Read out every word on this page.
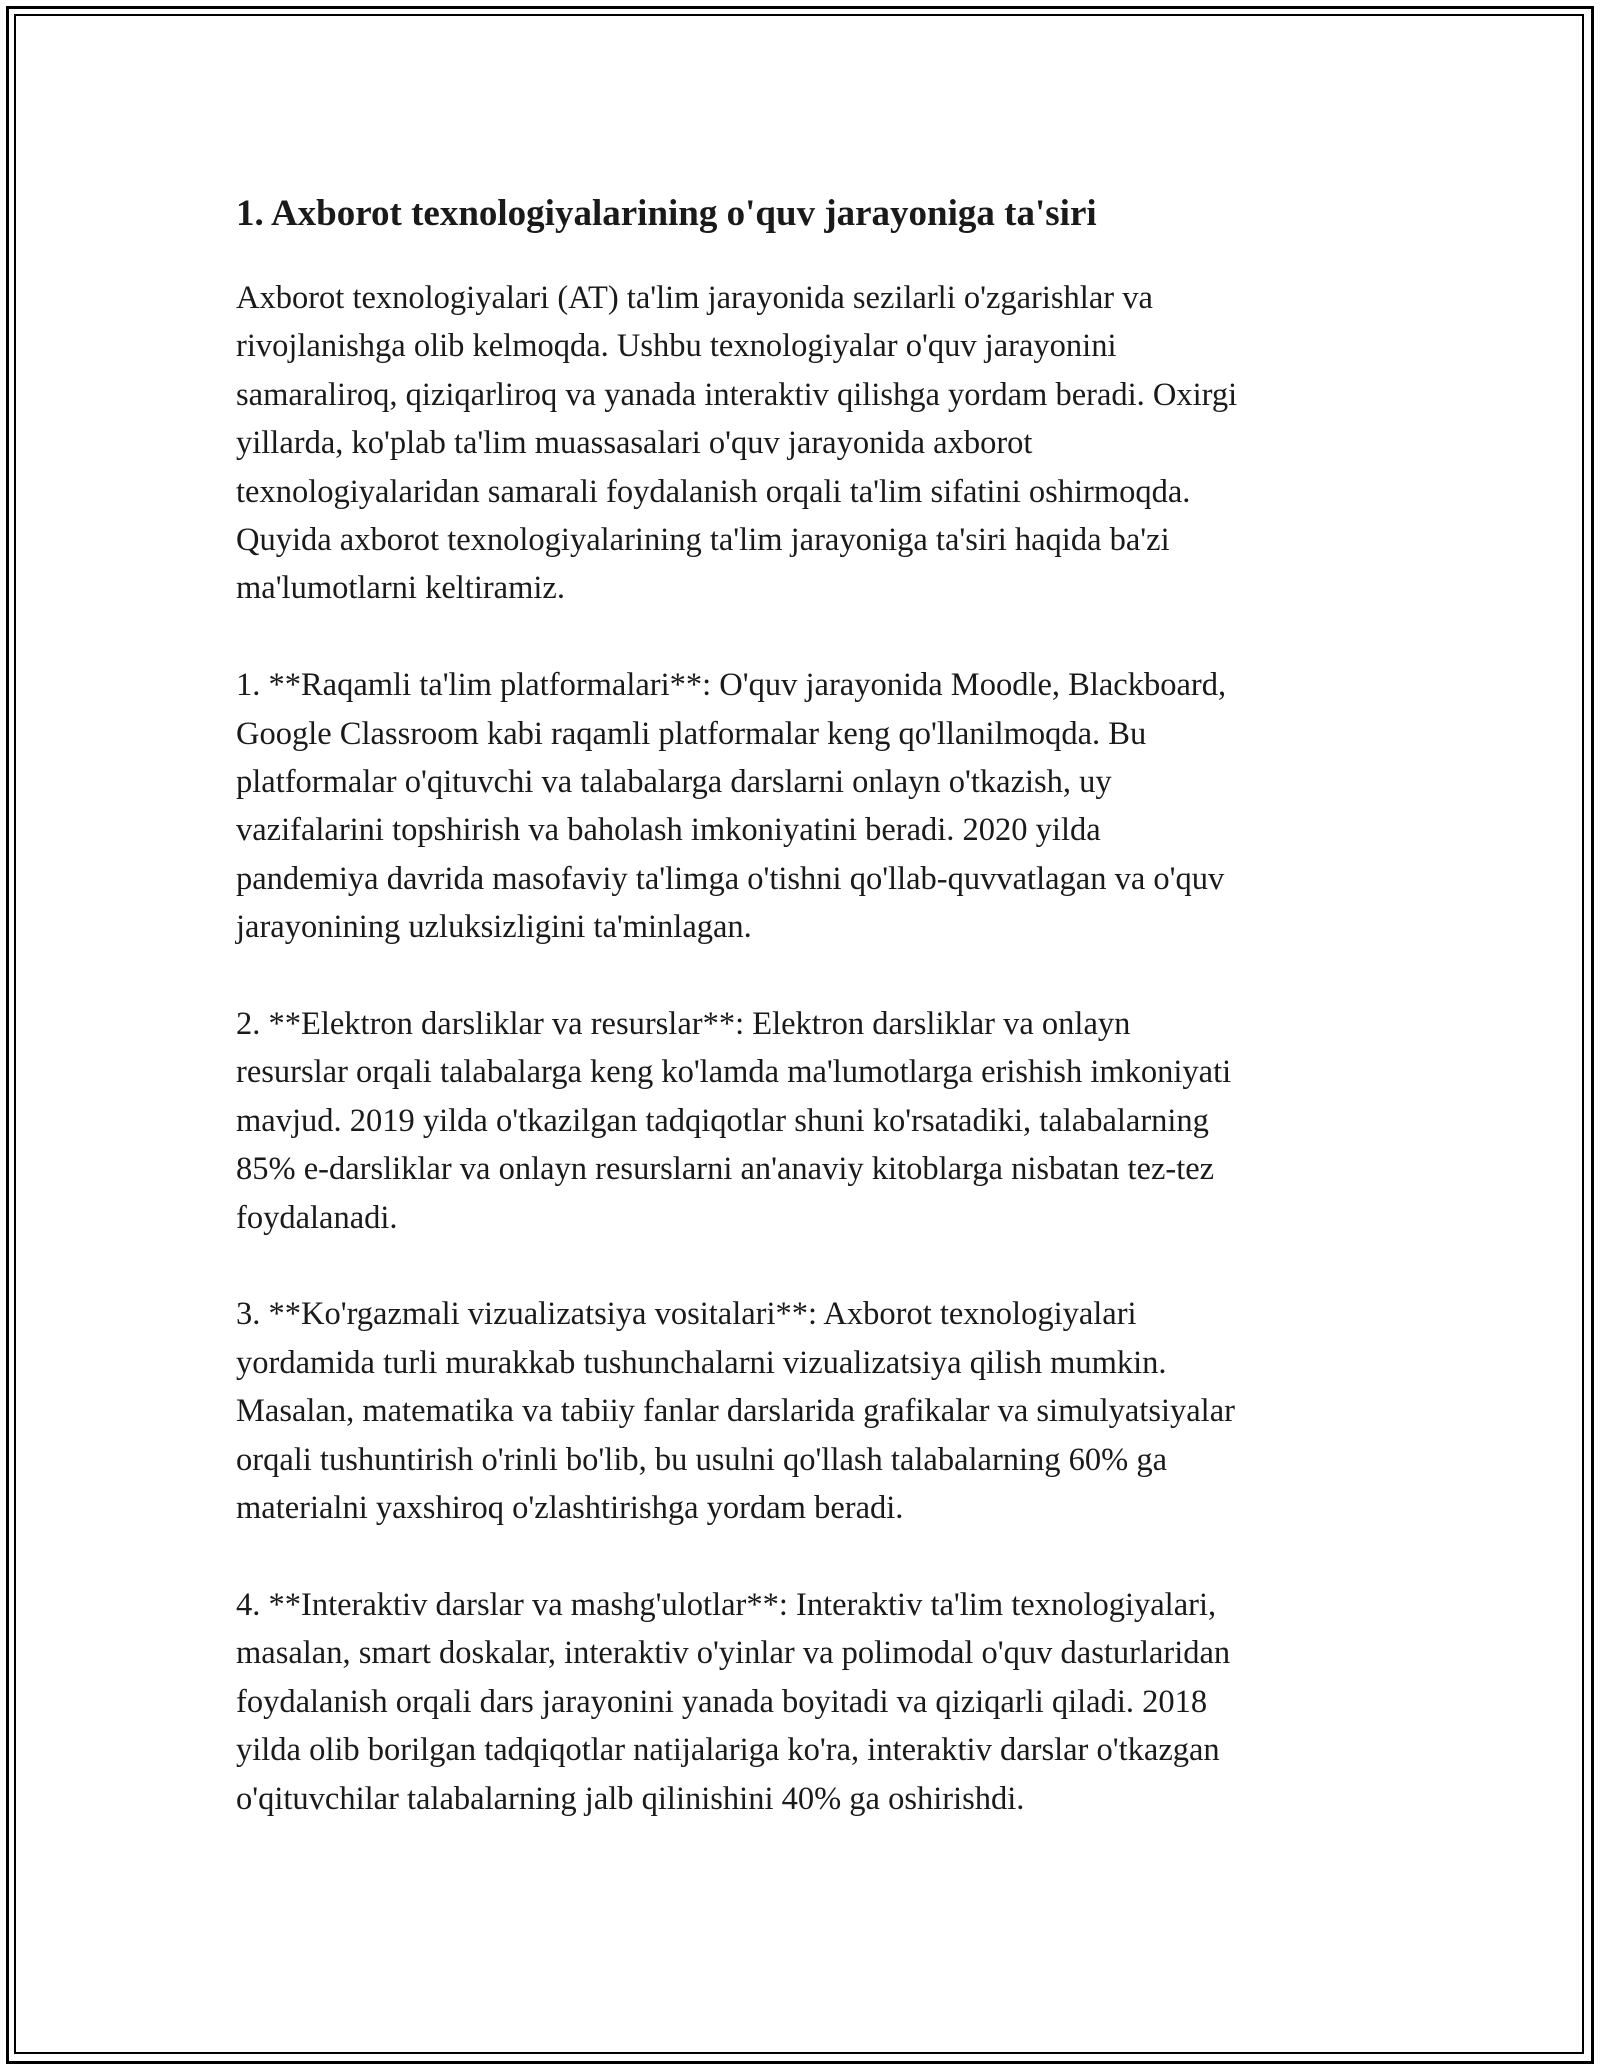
1. Axborot texnologiyalarining o'quv jarayoniga ta'siri
Axborot texnologiyalari (AT) ta'lim jarayonida sezilarli o'zgarishlar va
rivojlanishga olib kelmoqda. Ushbu texnologiyalar o'quv jarayonini
samaraliroq, qiziqarliroq va yanada interaktiv qilishga yordam beradi. Oxirgi
yillarda, ko'plab ta'lim muassasalari o'quv jarayonida axborot
texnologiyalaridan samarali foydalanish orqali ta'lim sifatini oshirmoqda.
Quyida axborot texnologiyalarining ta'lim jarayoniga ta'siri haqida ba'zi
ma'lumotlarni keltiramiz.
1. **Raqamli ta'lim platformalari**: O'quv jarayonida Moodle, Blackboard,
Google Classroom kabi raqamli platformalar keng qo'llanilmoqda. Bu
platformalar o'qituvchi va talabalarga darslarni onlayn o'tkazish, uy
vazifalarini topshirish va baholash imkoniyatini beradi. 2020 yilda
pandemiya davrida masofaviy ta'limga o'tishni qo'llab-quvvatlagan va o'quv
jarayonining uzluksizligini ta'minlagan.
2. **Elektron darsliklar va resurslar**: Elektron darsliklar va onlayn
resurslar orqali talabalarga keng ko'lamda ma'lumotlarga erishish imkoniyati
mavjud. 2019 yilda o'tkazilgan tadqiqotlar shuni ko'rsatadiki, talabalarning
85% e-darsliklar va onlayn resurslarni an'anaviy kitoblarga nisbatan tez-tez
foydalanadi.
3. **Ko'rgazmali vizualizatsiya vositalari**: Axborot texnologiyalari
yordamida turli murakkab tushunchalarni vizualizatsiya qilish mumkin.
Masalan, matematika va tabiiy fanlar darslarida grafikalar va simulyatsiyalar
orqali tushuntirish o'rinli bo'lib, bu usulni qo'llash talabalarning 60% ga
materialni yaxshiroq o'zlashtirishga yordam beradi.
4. **Interaktiv darslar va mashg'ulotlar**: Interaktiv ta'lim texnologiyalari,
masalan, smart doskalar, interaktiv o'yinlar va polimodal o'quv dasturlaridan
foydalanish orqali dars jarayonini yanada boyitadi va qiziqarli qiladi. 2018
yilda olib borilgan tadqiqotlar natijalariga ko'ra, interaktiv darslar o'tkazgan
o'qituvchilar talabalarning jalb qilinishini 40% ga oshirishdi.
